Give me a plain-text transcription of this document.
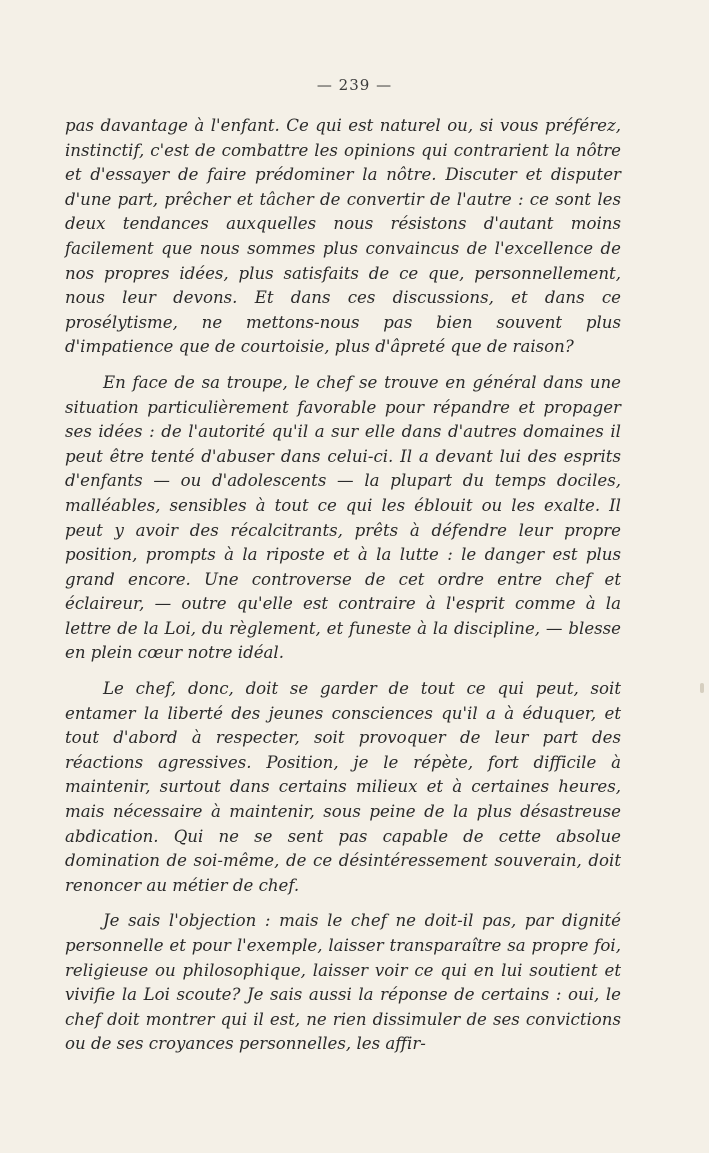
— 239 —

pas davantage à l'enfant. Ce qui est naturel ou, si vous préférez, instinctif, c'est de combattre les opinions qui contrarient la nôtre et d'essayer de faire prédominer la nôtre. Discuter et disputer d'une part, prêcher et tâcher de convertir de l'autre : ce sont les deux tendances auxquelles nous résistons d'autant moins facilement que nous sommes plus convaincus de l'excellence de nos propres idées, plus satisfaits de ce que, personnellement, nous leur devons. Et dans ces discussions, et dans ce prosélytisme, ne mettons-nous pas bien souvent plus d'impatience que de courtoisie, plus d'âpreté que de raison?

En face de sa troupe, le chef se trouve en général dans une situation particulièrement favorable pour répandre et propager ses idées : de l'autorité qu'il a sur elle dans d'autres domaines il peut être tenté d'abuser dans celui-ci. Il a devant lui des esprits d'enfants — ou d'adolescents — la plupart du temps dociles, malléables, sensibles à tout ce qui les éblouit ou les exalte. Il peut y avoir des récalcitrants, prêts à défendre leur propre position, prompts à la riposte et à la lutte : le danger est plus grand encore. Une controverse de cet ordre entre chef et éclaireur, — outre qu'elle est contraire à l'esprit comme à la lettre de la Loi, du règlement, et funeste à la discipline, — blesse en plein cœur notre idéal.

Le chef, donc, doit se garder de tout ce qui peut, soit entamer la liberté des jeunes consciences qu'il a à éduquer, et tout d'abord à respecter, soit provoquer de leur part des réactions agressives. Position, je le répète, fort difficile à maintenir, surtout dans certains milieux et à certaines heures, mais nécessaire à maintenir, sous peine de la plus désastreuse abdication. Qui ne se sent pas capable de cette absolue domination de soi-même, de ce désintéressement souverain, doit renoncer au métier de chef.

Je sais l'objection : mais le chef ne doit-il pas, par dignité personnelle et pour l'exemple, laisser transparaître sa propre foi, religieuse ou philosophique, laisser voir ce qui en lui soutient et vivifie la Loi scoute? Je sais aussi la réponse de certains : oui, le chef doit montrer qui il est, ne rien dissimuler de ses convictions ou de ses croyances personnelles, les affir-
